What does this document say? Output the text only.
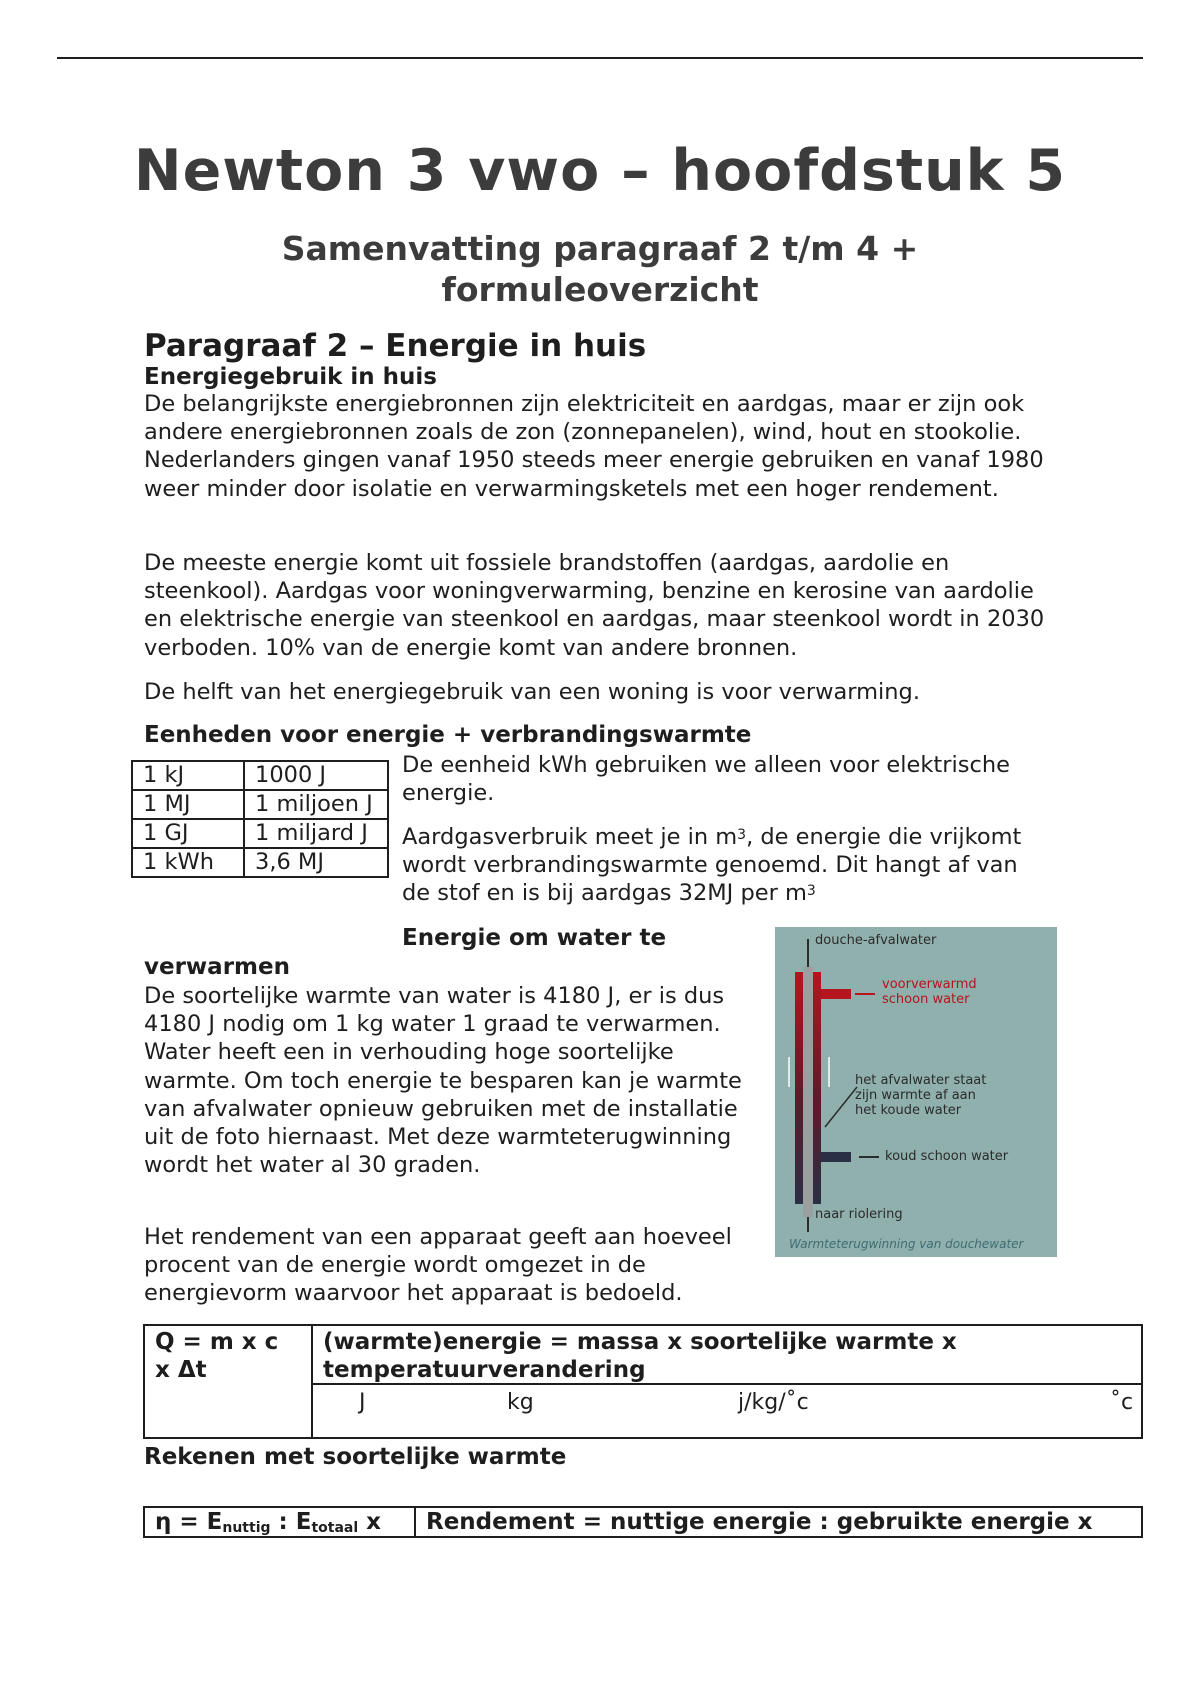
Newton 3 vwo – hoofdstuk 5
Samenvatting paragraaf 2 t/m 4 + formuleoverzicht
Paragraaf 2 – Energie in huis
Energiegebruik in huis

De belangrijkste energiebronnen zijn elektriciteit en aardgas, maar er zijn ook andere energiebronnen zoals de zon (zonnepanelen), wind, hout en stookolie. Nederlanders gingen vanaf 1950 steeds meer energie gebruiken en vanaf 1980 weer minder door isolatie en verwarmingsketels met een hoger rendement.

De meeste energie komt uit fossiele brandstoffen (aardgas, aardolie en steenkool). Aardgas voor woningverwarming, benzine en kerosine van aardolie en elektrische energie van steenkool en aardgas, maar steenkool wordt in 2030 verboden. 10% van de energie komt van andere bronnen.

De helft van het energiegebruik van een woning is voor verwarming.

Eenheden voor energie + verbrandingswarmte
1 kJ	1000 J
1 MJ	1 miljoen J
1 GJ	1 miljard J
1 kWh	3,6 MJ

De eenheid kWh gebruiken we alleen voor elektrische energie.

Aardgasverbruik meet je in $m^3$, de energie die vrijkomt wordt verbrandingswarmte genoemd. Dit hangt af van de stof en is bij aardgas 32MJ per $m^3$

Energie om water te verwarmen

De soortelijke warmte van water is 4180 J, er is dus 4180 J nodig om 1 kg water 1 graad te verwarmen. Water heeft een in verhouding hoge soortelijke warmte. Om toch energie te besparen kan je warmte van afvalwater opnieuw gebruiken met de installatie uit de foto hiernaast. Met deze warmteterugwinning wordt het water al 30 graden.

Het rendement van een apparaat geeft aan hoeveel procent van de energie wordt omgezet in de energievorm waarvoor het apparaat is bedoeld.

douche-afvalwater
voorverwarmd schoon water
het afvalwater staat zijn warmte af aan het koude water
koud schoon water
naar riolering
Warmteterugwinning van douchewater
Q = m x c x Δt
(warmte)energie = massa x soortelijke warmte x temperatuurverandering
J	kg	j/kg/˚c	˚c
Rekenen met soortelijke warmte
η = Enuttig : Etotaal x	Rendement = nuttige energie : gebruikte energie x
